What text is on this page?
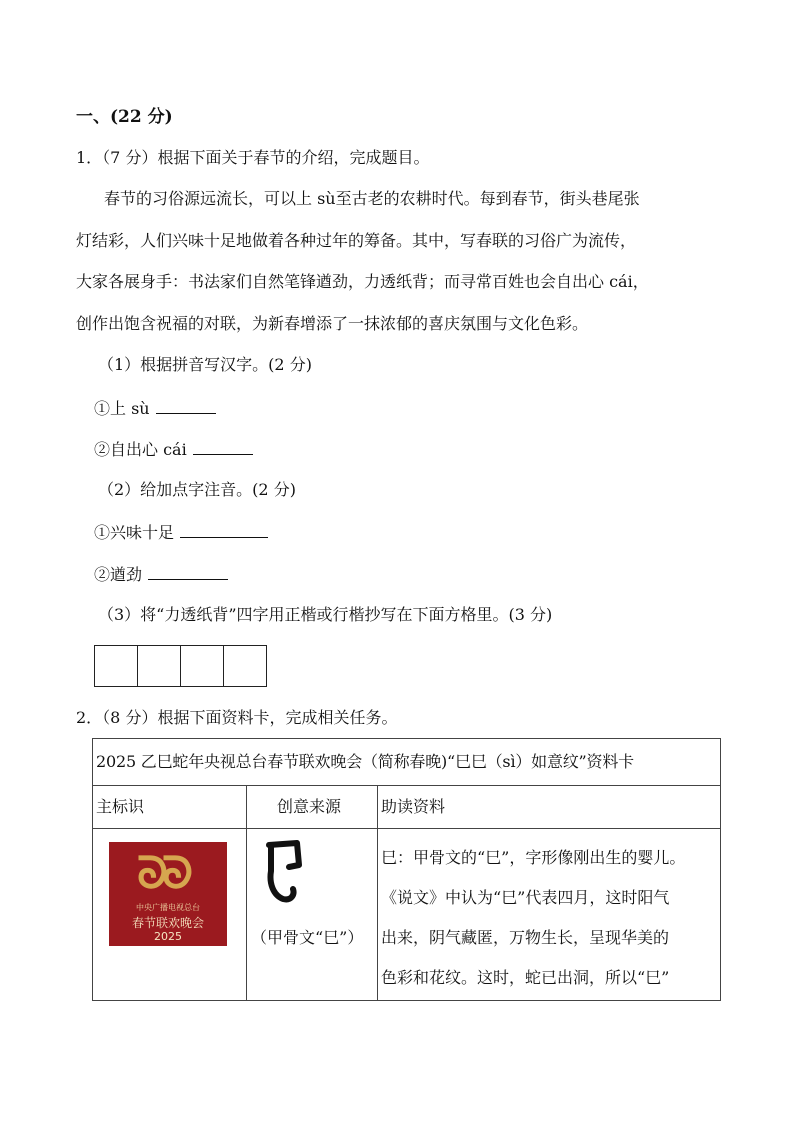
一、(22 分)
1．（7 分）根据下面关于春节的介绍，完成题目。
春节的习俗源远流长，可以上 sù至古老的农耕时代。每到春节，街头巷尾张
灯结彩，人们兴味十足地做着各种过年的筹备。其中，写春联的习俗广为流传，
大家各展身手：书法家们自然笔锋遒劲，力透纸背；而寻常百姓也会自出心 cái，
创作出饱含祝福的对联，为新春增添了一抹浓郁的喜庆氛围与文化色彩。
（1）根据拼音写汉字。(2 分)
①上 sù
②自出心 cái
（2）给加点字注音。(2 分)
①兴味十足
②遒劲
（3）将“力透纸背”四字用正楷或行楷抄写在下面方格里。(3 分)
2．（8 分）根据下面资料卡，完成相关任务。
2025 乙巳蛇年央视总台春节联欢晚会（简称春晚)“巳巳（sì）如意纹”资料卡
主标识	创意来源 助读资料
ᘐᘐ
中央广播电视总台
春节联欢晚会
2025	（甲骨文“巳”）
巳：甲骨文的“巳”，字形像刚出生的婴儿。
《说文》中认为“巳”代表四月，这时阳气
出来，阴气藏匿，万物生长，呈现华美的
色彩和花纹。这时，蛇已出洞，所以“巳”
